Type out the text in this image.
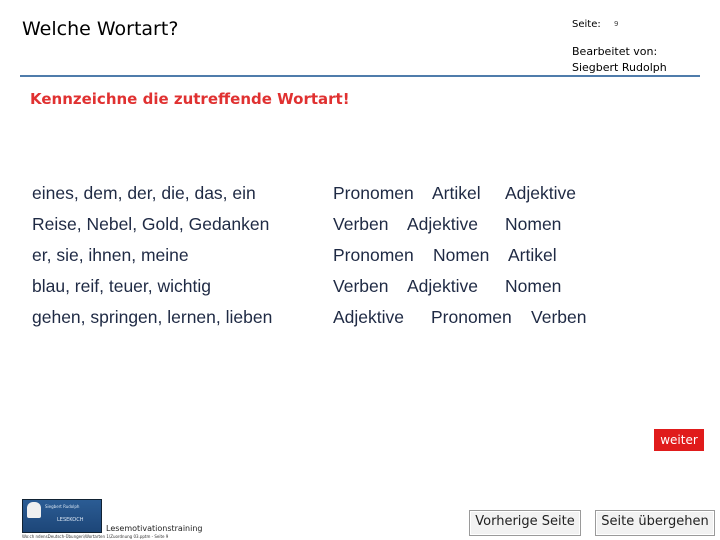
Welche Wortart?	Seite: 9
Bearbeitet von:
Siegbert Rudolph
Kennzeichne die zutreffende Wortart!
eines, dem, der, die, das, ein	Pronomen Artikel Adjektive
Reise, Nebel, Gold, Gedanken	Verben Adjektive Nomen
er, sie, ihnen, meine	Pronomen Nomen Artikel
blau, reif, teuer, wichtig	Verben Adjektive Nomen
gehen, springen, lernen, lieben	Adjektive Pronomen Verben
weiter
Siegbert Rudolph
LESEKOCH
Lesemotivationstraining
Wo:ch ndensDeutsch-Übungen\Wortarten 1\Zuordnung 03.pptm - Seite 9
Vorherige Seite	Seite übergehen
